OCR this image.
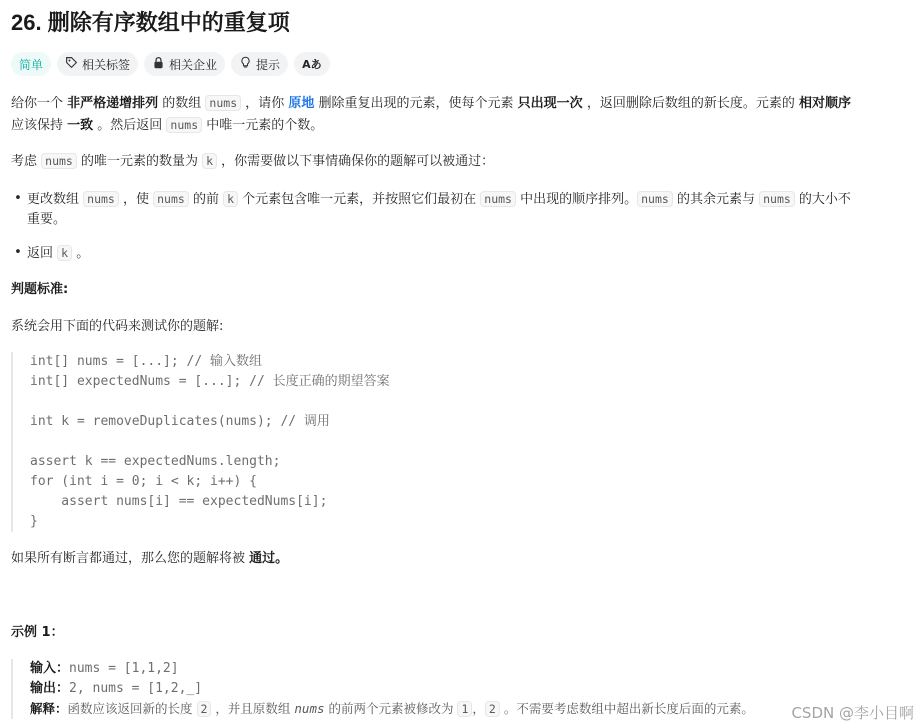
26. 删除有序数组中的重复项
简单	相关标签	相关企业	提示 Aあ
给你一个 非严格递增排列 的数组 nums ，请你 原地 删除重复出现的元素，使每个元素 只出现一次 ，返回删除后数组的新长度。元素的 相对顺序
应该保持 一致 。然后返回 nums 中唯一元素的个数。
考虑 nums 的唯一元素的数量为 k ，你需要做以下事情确保你的题解可以被通过：
• 更改数组 nums ，使 nums 的前 k 个元素包含唯一元素，并按照它们最初在 nums 中出现的顺序排列。 nums 的其余元素与 nums 的大小不
重要。
• 返回 k 。
判题标准:
系统会用下面的代码来测试你的题解:
int[] nums = [...]; // 输入数组
int[] expectedNums = [...]; // 长度正确的期望答案
int k = removeDuplicates(nums); // 调用
assert k == expectedNums.length;
for (int i = 0; i < k; i++) {
assert nums[i] == expectedNums[i];
}
如果所有断言都通过，那么您的题解将被 通过。
示例 1：
输入：nums = [1,1,2]
输出：2, nums = [1,2,_]
解释：函数应该返回新的长度 2 ，并且原数组 nums 的前两个元素被修改为 1 ， 2 。不需要考虑数组中超出新长度后面的元素。	CSDN @李小目啊
